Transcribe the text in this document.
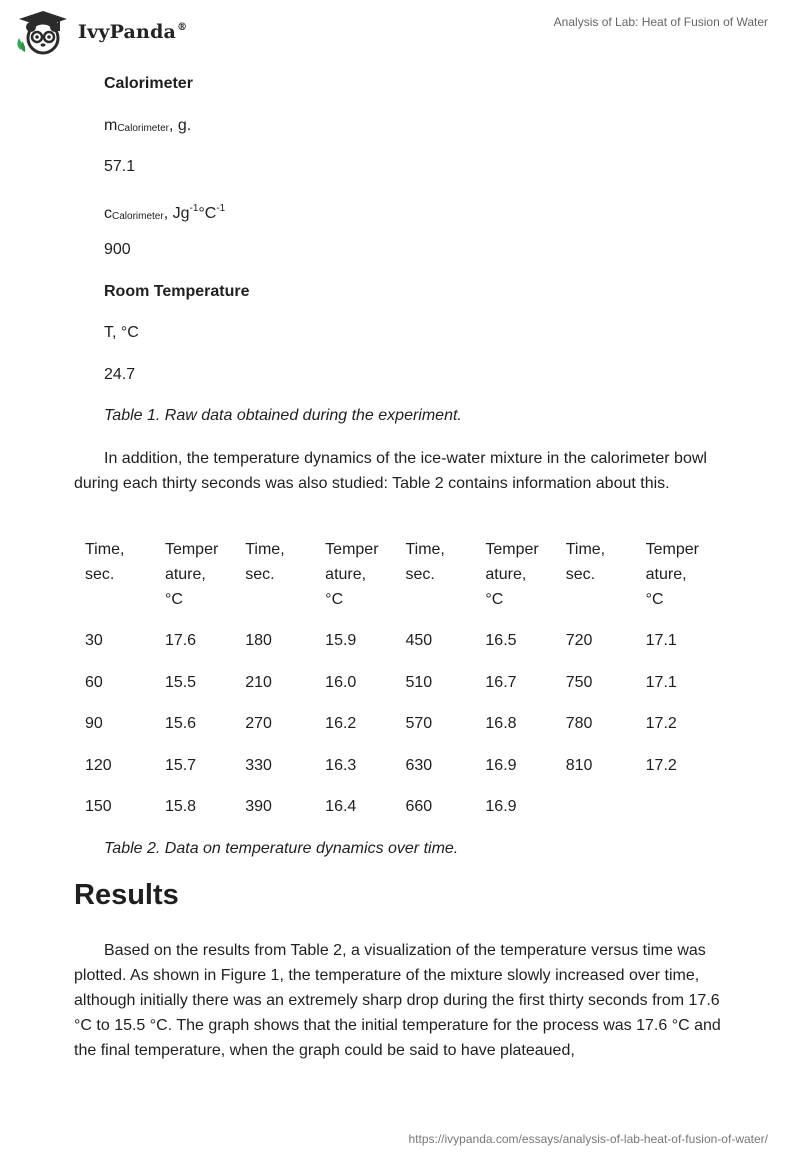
IvyPanda®	Analysis of Lab: Heat of Fusion of Water

Calorimeter

$m_{Calorimeter}$, g.

57.1

$c_{Calorimeter}$, $Jg^{-1}^\circ C^{-1}$

900

Room Temperature

T, °C

24.7

Table 1. Raw data obtained during the experiment.

In addition, the temperature dynamics of the ice-water mixture in the calorimeter bowl during each thirty seconds was also studied: Table 2 contains information about this.

Time,
sec.	Temper
ature,
°C	Time,
sec.	Temper
ature,
°C	Time,
sec.	Temper
ature,
°C	Time,
sec.	Temper
ature,
°C
30	17.6	180	15.9	450	16.5	720	17.1
60	15.5	210	16.0	510	16.7	750	17.1
90	15.6	270	16.2	570	16.8	780	17.2
120	15.7	330	16.3	630	16.9	810	17.2
150	15.8	390	16.4	660	16.9		

Table 2. Data on temperature dynamics over time.

Results

Based on the results from Table 2, a visualization of the temperature versus time was plotted. As shown in Figure 1, the temperature of the mixture slowly increased over time, although initially there was an extremely sharp drop during the first thirty seconds from 17.6 °C to 15.5 °C. The graph shows that the initial temperature for the process was 17.6 °C and the final temperature, when the graph could be said to have plateaued,

https://ivypanda.com/essays/analysis-of-lab-heat-of-fusion-of-water/
